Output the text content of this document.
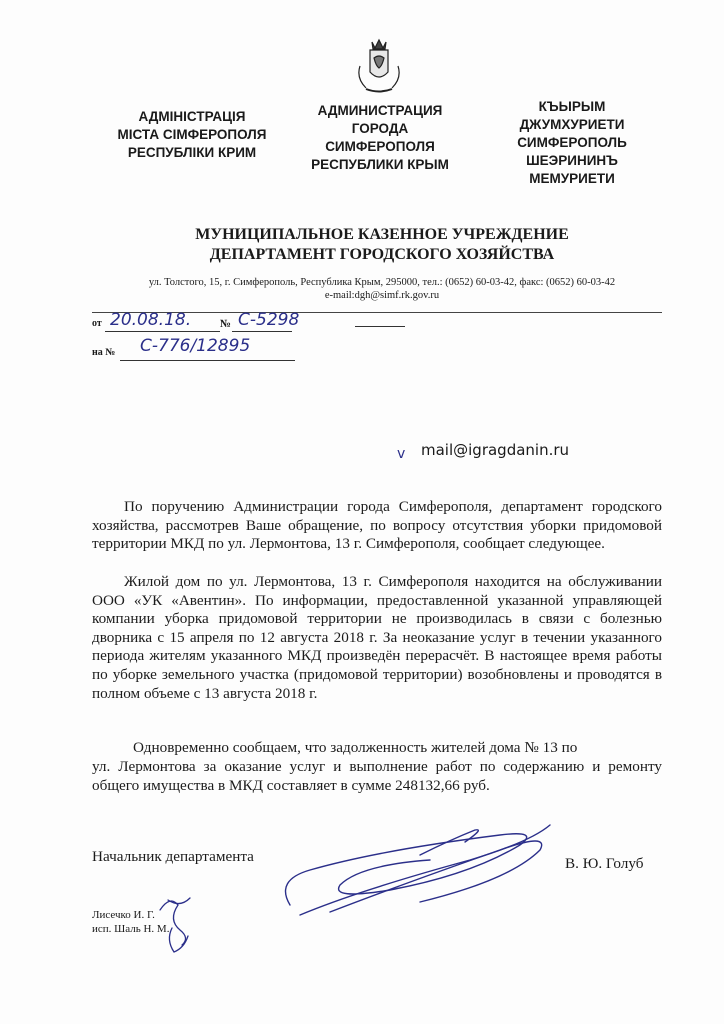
АДМІНІСТРАЦІЯ
МІСТА СІМФЕРОПОЛЯ
РЕСПУБЛІКИ КРИМ
АДМИНИСТРАЦИЯ
ГОРОДА
СИМФЕРОПОЛЯ
РЕСПУБЛИКИ КРЫМ
КЪЫРЫМ
ДЖУМХУРИЕТИ
СИМФЕРОПОЛЬ
ШЕЭРИНИНЪ
МЕМУРИЕТИ
МУНИЦИПАЛЬНОЕ КАЗЕННОЕ УЧРЕЖДЕНИЕ
ДЕПАРТАМЕНТ ГОРОДСКОГО ХОЗЯЙСТВА
ул. Толстого, 15, г. Симферополь, Республика Крым, 295000, тел.: (0652) 60-03-42, факс: (0652) 60-03-42
e-mail:dgh@simf.rk.gov.ru
от 20.08.18.	№ С-5298
на № С-776/12895
v mail@igragdanin.ru
По поручению Администрации города Симферополя, департамент городского хозяйства, рассмотрев Ваше обращение, по вопросу отсутствия уборки придомовой территории МКД по ул. Лермонтова, 13 г. Симферополя, сообщает следующее.
Жилой дом по ул. Лермонтова, 13 г. Симферополя находится на обслуживании ООО «УК «Авентин». По информации, предоставленной указанной управляющей компании уборка придомовой территории не производилась в связи с болезнью дворника с 15 апреля по 12 августа 2018 г. За неоказание услуг в течении указанного периода жителям указанного МКД произведён перерасчёт. В настоящее время работы по уборке земельного участка (придомовой территории) возобновлены и проводятся в полном объеме с 13 августа 2018 г.
Одновременно сообщаем, что задолженность жителей дома № 13 по
ул. Лермонтова за оказание услуг и выполнение работ по содержанию и ремонту общего имущества в МКД составляет в сумме 248132,66 руб.
Начальник департамента	В. Ю. Голуб
Лисечко И. Г.
исп. Шаль Н. М.
